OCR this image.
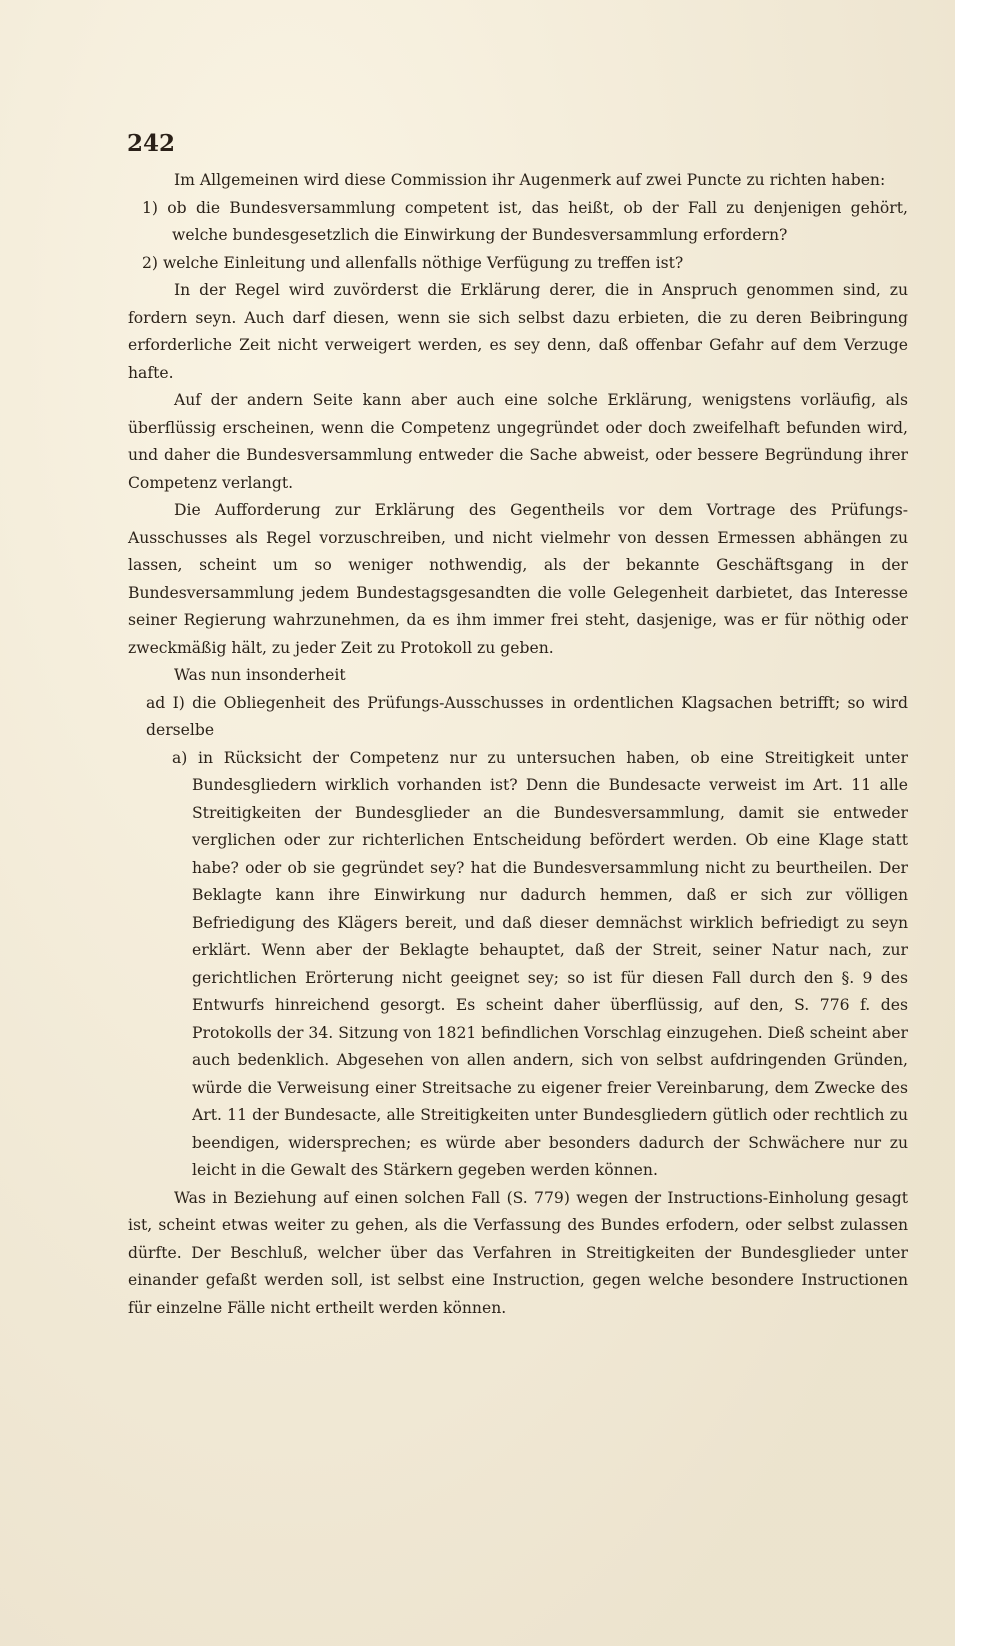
242

Im Allgemeinen wird diese Commission ihr Augenmerk auf zwei Puncte zu richten haben:

1) ob die Bundesversammlung competent ist, das heißt, ob der Fall zu denjenigen gehört, welche bundesgesetzlich die Einwirkung der Bundesversammlung erfordern?

2) welche Einleitung und allenfalls nöthige Verfügung zu treffen ist?

In der Regel wird zuvörderst die Erklärung derer, die in Anspruch genommen sind, zu fordern seyn. Auch darf diesen, wenn sie sich selbst dazu erbieten, die zu deren Beibringung erforderliche Zeit nicht verweigert werden, es sey denn, daß offenbar Gefahr auf dem Verzuge hafte.

Auf der andern Seite kann aber auch eine solche Erklärung, wenigstens vorläufig, als überflüssig erscheinen, wenn die Competenz ungegründet oder doch zweifelhaft befunden wird, und daher die Bundesversammlung entweder die Sache abweist, oder bessere Begründung ihrer Competenz verlangt.

Die Aufforderung zur Erklärung des Gegentheils vor dem Vortrage des Prüfungs-Ausschusses als Regel vorzuschreiben, und nicht vielmehr von dessen Ermessen abhängen zu lassen, scheint um so weniger nothwendig, als der bekannte Geschäftsgang in der Bundesversammlung jedem Bundestagsgesandten die volle Gelegenheit darbietet, das Interesse seiner Regierung wahrzunehmen, da es ihm immer frei steht, dasjenige, was er für nöthig oder zweckmäßig hält, zu jeder Zeit zu Protokoll zu geben.

Was nun insonderheit

ad I) die Obliegenheit des Prüfungs-Ausschusses in ordentlichen Klagsachen betrifft; so wird derselbe

a) in Rücksicht der Competenz nur zu untersuchen haben, ob eine Streitigkeit unter Bundesgliedern wirklich vorhanden ist? Denn die Bundesacte verweist im Art. 11 alle Streitigkeiten der Bundesglieder an die Bundesversammlung, damit sie entweder verglichen oder zur richterlichen Entscheidung befördert werden. Ob eine Klage statt habe? oder ob sie gegründet sey? hat die Bundesversammlung nicht zu beurtheilen. Der Beklagte kann ihre Einwirkung nur dadurch hemmen, daß er sich zur völligen Befriedigung des Klägers bereit, und daß dieser demnächst wirklich befriedigt zu seyn erklärt. Wenn aber der Beklagte behauptet, daß der Streit, seiner Natur nach, zur gerichtlichen Erörterung nicht geeignet sey; so ist für diesen Fall durch den §. 9 des Entwurfs hinreichend gesorgt. Es scheint daher überflüssig, auf den, S. 776 f. des Protokolls der 34. Sitzung von 1821 befindlichen Vorschlag einzugehen. Dieß scheint aber auch bedenklich. Abgesehen von allen andern, sich von selbst aufdringenden Gründen, würde die Verweisung einer Streitsache zu eigener freier Vereinbarung, dem Zwecke des Art. 11 der Bundesacte, alle Streitigkeiten unter Bundesgliedern gütlich oder rechtlich zu beendigen, widersprechen; es würde aber besonders dadurch der Schwächere nur zu leicht in die Gewalt des Stärkern gegeben werden können.

Was in Beziehung auf einen solchen Fall (S. 779) wegen der Instructions-Einholung gesagt ist, scheint etwas weiter zu gehen, als die Verfassung des Bundes erfodern, oder selbst zulassen dürfte. Der Beschluß, welcher über das Verfahren in Streitigkeiten der Bundesglieder unter einander gefaßt werden soll, ist selbst eine Instruction, gegen welche besondere Instructionen für einzelne Fälle nicht ertheilt werden können.
